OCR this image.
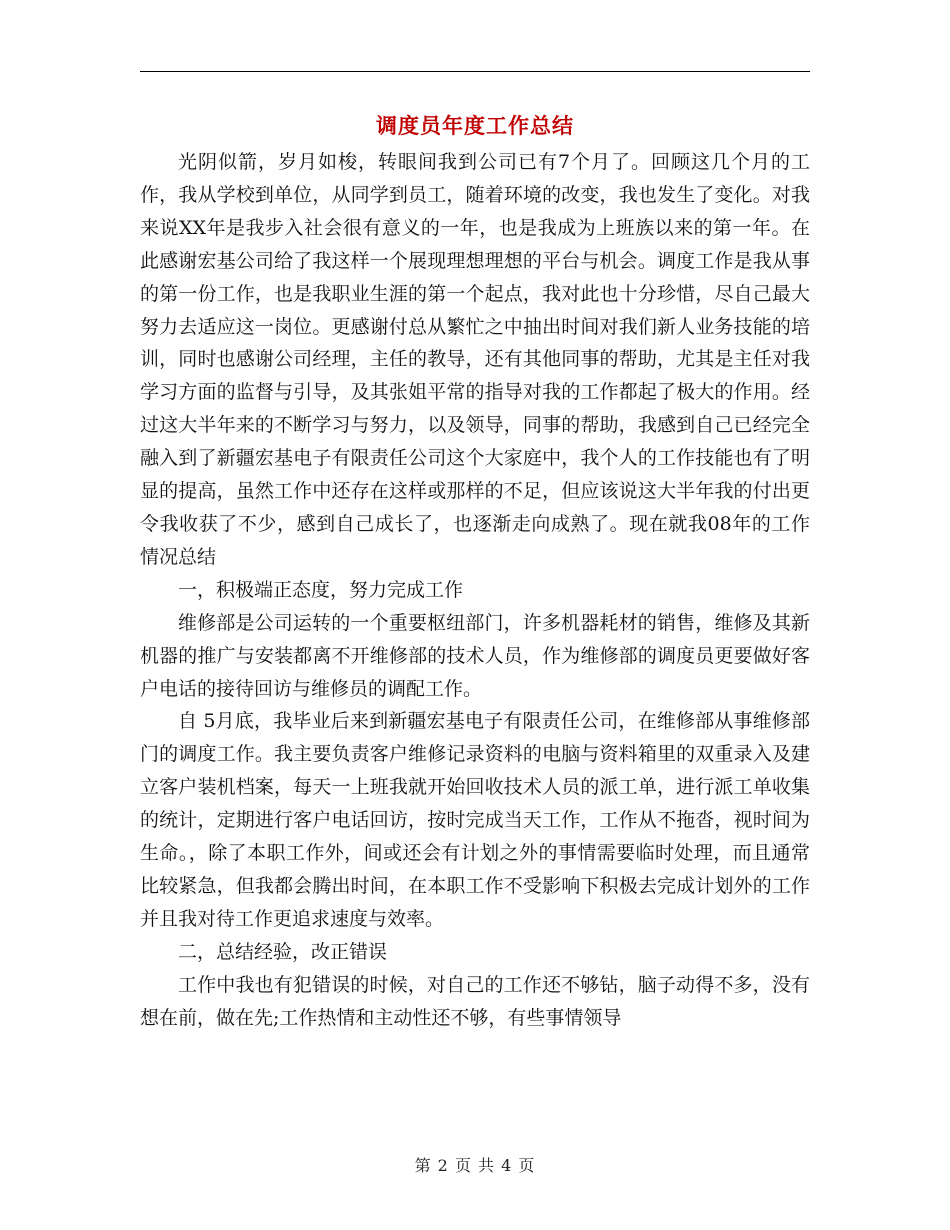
调度员年度工作总结

光阴似箭，岁月如梭，转眼间我到公司已有7个月了。回顾这几个月的工作，我从学校到单位，从同学到员工，随着环境的改变，我也发生了变化。对我来说XX年是我步入社会很有意义的一年，也是我成为上班族以来的第一年。在此感谢宏基公司给了我这样一个展现理想理想的平台与机会。调度工作是我从事的第一份工作，也是我职业生涯的第一个起点，我对此也十分珍惜，尽自己最大努力去适应这一岗位。更感谢付总从繁忙之中抽出时间对我们新人业务技能的培训，同时也感谢公司经理，主任的教导，还有其他同事的帮助，尤其是主任对我学习方面的监督与引导，及其张姐平常的指导对我的工作都起了极大的作用。经过这大半年来的不断学习与努力，以及领导，同事的帮助，我感到自己已经完全融入到了新疆宏基电子有限责任公司这个大家庭中，我个人的工作技能也有了明显的提高，虽然工作中还存在这样或那样的不足，但应该说这大半年我的付出更令我收获了不少，感到自己成长了，也逐渐走向成熟了。现在就我08年的工作情况总结

一，积极端正态度，努力完成工作

维修部是公司运转的一个重要枢纽部门，许多机器耗材的销售，维修及其新机器的推广与安装都离不开维修部的技术人员，作为维修部的调度员更要做好客户电话的接待回访与维修员的调配工作。

自 5月底，我毕业后来到新疆宏基电子有限责任公司，在维修部从事维修部门的调度工作。我主要负责客户维修记录资料的电脑与资料箱里的双重录入及建立客户装机档案，每天一上班我就开始回收技术人员的派工单，进行派工单收集的统计，定期进行客户电话回访，按时完成当天工作，工作从不拖沓，视时间为生命。，除了本职工作外，间或还会有计划之外的事情需要临时处理，而且通常比较紧急，但我都会腾出时间，在本职工作不受影响下积极去完成计划外的工作并且我对待工作更追求速度与效率。

二，总结经验，改正错误

工作中我也有犯错误的时候，对自己的工作还不够钻，脑子动得不多，没有想在前，做在先;工作热情和主动性还不够，有些事情领导

第 2 页 共 4 页
